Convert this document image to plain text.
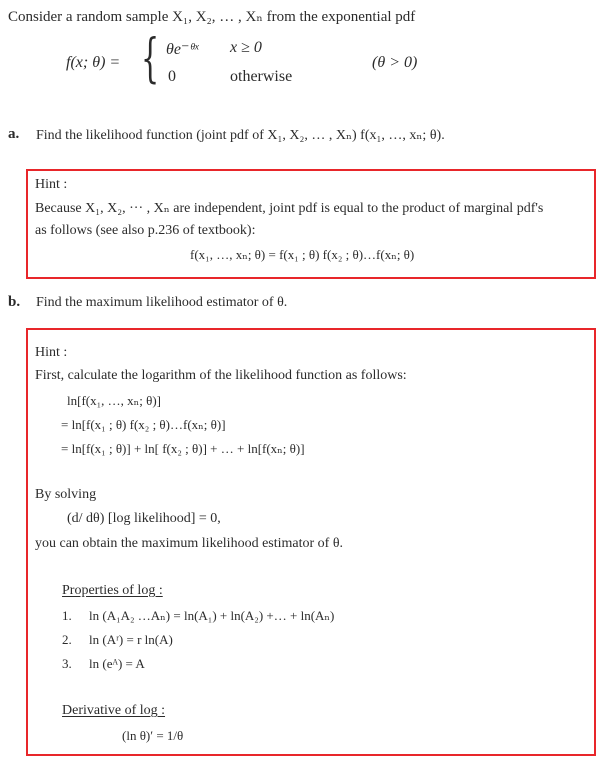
Consider a random sample X₁, X₂, … , Xₙ from the exponential pdf
f(x; θ) = { θe⁻ᶿˣ x ≥ 0
0	otherwise
(θ > 0)
a. Find the likelihood function (joint pdf of X₁, X₂, … , Xₙ) f(x₁, …, xₙ; θ).
Hint :
Because X₁, X₂, ··· , Xₙ are independent, joint pdf is equal to the product of marginal pdf's
as follows (see also p.236 of textbook):
f(x₁, …, xₙ; θ) = f(x₁ ; θ) f(x₂ ; θ)…f(xₙ; θ)
b. Find the maximum likelihood estimator of θ.
Hint :
First, calculate the logarithm of the likelihood function as follows:
ln[f(x₁, …, xₙ; θ)]
= ln[f(x₁ ; θ) f(x₂ ; θ)…f(xₙ; θ)]
= ln[f(x₁ ; θ)] + ln[ f(x₂ ; θ)] + … + ln[f(xₙ; θ)]
By solving
(d/ dθ) [log likelihood] = 0,
you can obtain the maximum likelihood estimator of θ.
Properties of log :
1. ln (A₁A₂ …Aₙ) = ln(A₁) + ln(A₂) +… + ln(Aₙ)
2. ln (Aʳ) = r ln(A)
3. ln (eᴬ) = A
Derivative of log :
(ln θ)′ = 1/θ
